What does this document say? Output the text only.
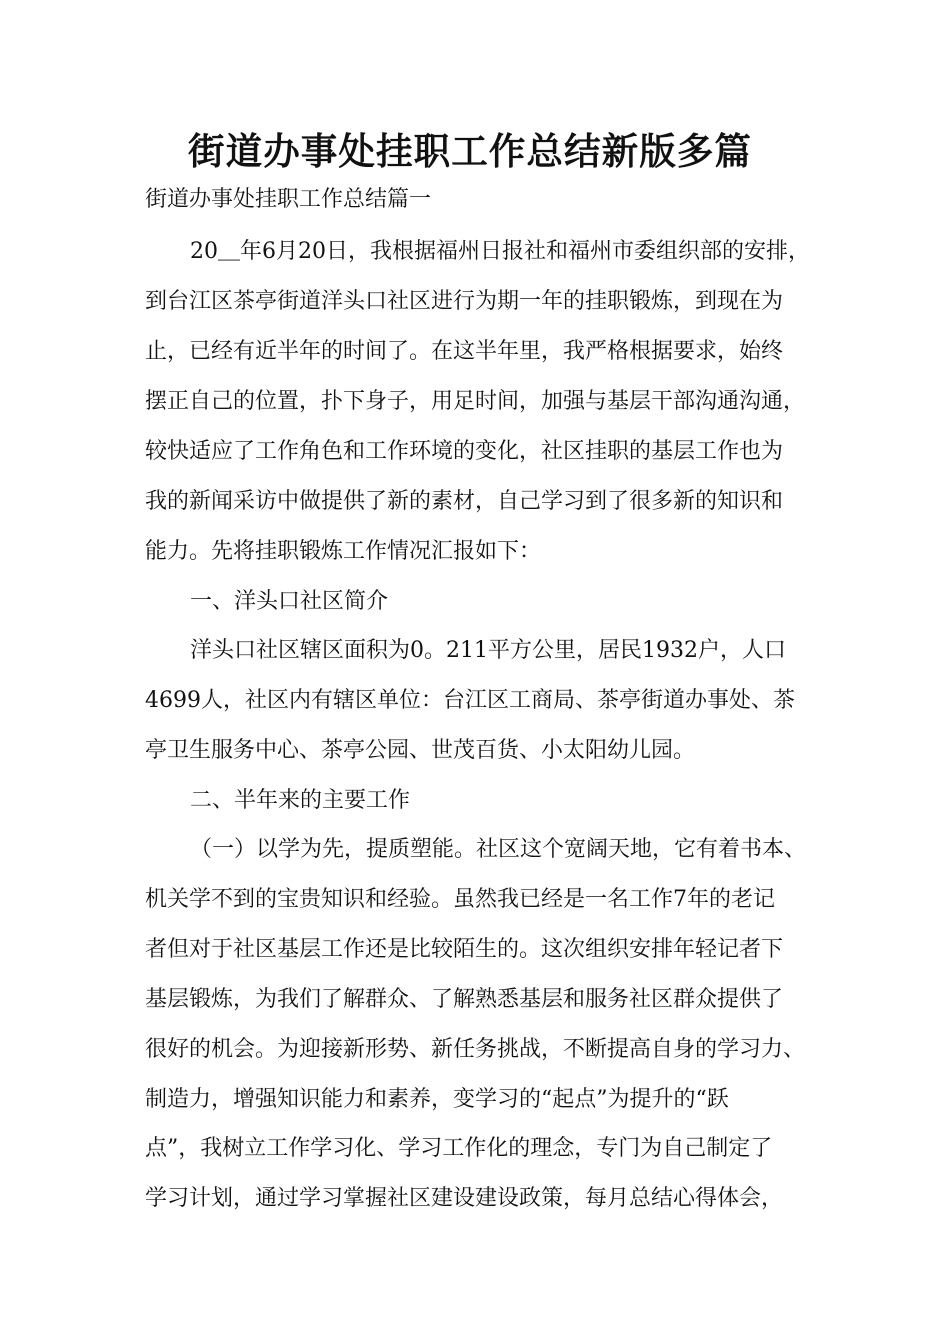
街道办事处挂职工作总结新版多篇
街道办事处挂职工作总结篇一
20＿年6月20日，我根据福州日报社和福州市委组织部的安排，
到台江区茶亭街道洋头口社区进行为期一年的挂职锻炼，到现在为
止，已经有近半年的时间了。在这半年里，我严格根据要求，始终
摆正自己的位置，扑下身子，用足时间，加强与基层干部沟通沟通，
较快适应了工作角色和工作环境的变化，社区挂职的基层工作也为
我的新闻采访中做提供了新的素材，自己学习到了很多新的知识和
能力。先将挂职锻炼工作情况汇报如下：
一、洋头口社区简介
洋头口社区辖区面积为0。211平方公里，居民1932户，人口
4699人，社区内有辖区单位：台江区工商局、茶亭街道办事处、茶
亭卫生服务中心、茶亭公园、世茂百货、小太阳幼儿园。
二、半年来的主要工作
（一）以学为先，提质塑能。社区这个宽阔天地，它有着书本、
机关学不到的宝贵知识和经验。虽然我已经是一名工作7年的老记
者但对于社区基层工作还是比较陌生的。这次组织安排年轻记者下
基层锻炼，为我们了解群众、了解熟悉基层和服务社区群众提供了
很好的机会。为迎接新形势、新任务挑战，不断提高自身的学习力、
制造力，增强知识能力和素养，变学习的“起点”为提升的“跃
点”，我树立工作学习化、学习工作化的理念，专门为自己制定了
学习计划，通过学习掌握社区建设建设政策，每月总结心得体会，
